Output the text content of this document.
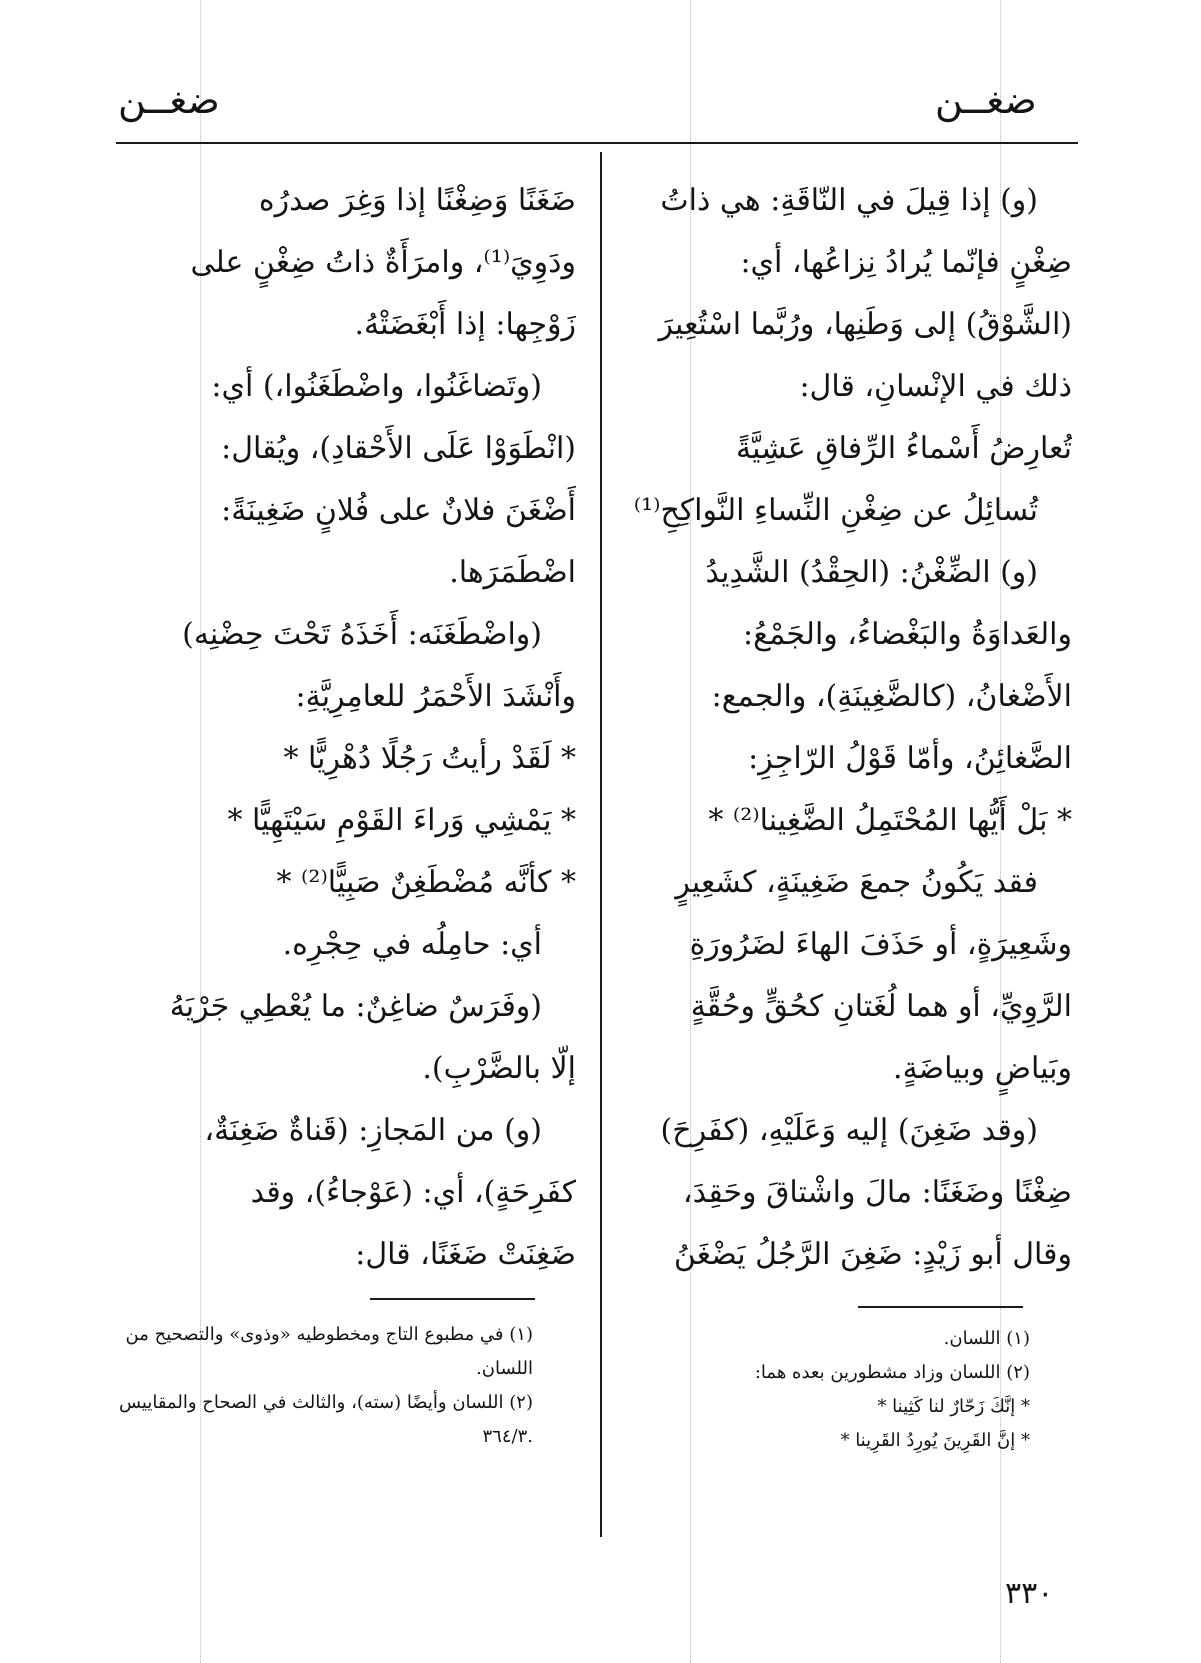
ضغــن
ضغــن
(و) إذا قِيلَ في النّاقَةِ: هي ذاتُ
ضِغْنٍ فإنّما يُرادُ نِزاعُها، أي:
(الشَّوْقُ) إلى وَطَنِها، ورُبَّما اسْتُعِيرَ
ذلك في الإنْسانِ، قال:
تُعارِضُ أَسْماءُ الرِّفاقِ عَشِيَّةً
تُسائِلُ عن ضِغْنِ النِّساءِ النَّواكِحِ⁽¹⁾
(و) الضِّغْنُ: (الحِقْدُ) الشَّدِيدُ
والعَداوَةُ والبَغْضاءُ، والجَمْعُ:
الأَضْغانُ، (كالضَّغِينَةِ)، والجمع:
الضَّغائِنُ، وأمّا قَوْلُ الرّاجِزِ:
* بَلْ أَيُّها المُحْتَمِلُ الضَّغِينا⁽²⁾ *
فقد يَكُونُ جمعَ ضَغِينَةٍ، كشَعِيرٍ
وشَعِيرَةٍ، أو حَذَفَ الهاءَ لضَرُورَةِ
الرَّوِيِّ، أو هما لُغَتانِ كحُقٍّ وحُقَّةٍ
وبَياضٍ وبياضَةٍ.
(وقد ضَغِنَ) إليه وَعَلَيْهِ، (كفَرِحَ)
ضِغْنًا وضَغَنًا: مالَ واشْتاقَ وحَقِدَ،
وقال أبو زَيْدٍ: ضَغِنَ الرَّجُلُ يَضْغَنُ
ضَغَنًا وَضِغْنًا إذا وَغِرَ صدرُه
ودَوِيَ⁽¹⁾، وامرَأَةٌ ذاتُ ضِغْنٍ على
زَوْجِها: إذا أَبْغَضَتْهُ.
(وتَضاغَنُوا، واضْطَغَنُوا،) أي:
(انْطَوَوْا عَلَى الأَحْقادِ)، ويُقال:
أَضْغَنَ فلانٌ على فُلانٍ ضَغِينَةً:
اضْطَمَرَها.
(واضْطَغَنَه: أَخَذَهُ تَحْتَ حِضْنِه)
وأَنْشَدَ الأَحْمَرُ للعامِرِيَّةِ:
* لَقَدْ رأيتُ رَجُلًا دُهْرِيًّا *
* يَمْشِي وَراءَ القَوْمِ سَيْتَهِيًّا *
* كأنَّه مُضْطَغِنٌ صَبِيًّا⁽²⁾ *
أي: حامِلُه في حِجْرِه.
(وفَرَسٌ ضاغِنٌ: ما يُعْطِي جَرْيَهُ
إلّا بالضَّرْبِ).
(و) من المَجازِ: (قَناةٌ ضَغِنَةٌ،
كفَرِحَةٍ)، أي: (عَوْجاءُ)، وقد
ضَغِنَتْ ضَغَنًا، قال:
(١) اللسان.
(٢) اللسان وزاد مشطورين بعده هما:
* إنَّكَ زَحّارٌ لنا كَثِينا *
* إنَّ القَرِينَ يُورِدُ القَرِينا *
(١) في مطبوع التاج ومخطوطيه «وذوى» والتصحيح من
اللسان.
(٢) اللسان وأيضًا (سته)، والثالث في الصحاح والمقاييس
.٣٦٤/٣
٣٣٠
